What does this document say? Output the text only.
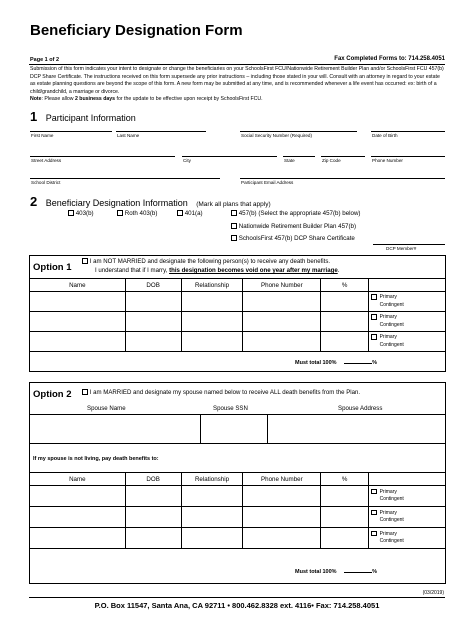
Beneficiary Designation Form
Page 1 of 2	Fax Completed Forms to: 714.258.4051
Submission of this form indicates your intent to designate or change the beneficiaries on your SchoolsFirst FCU/Nationwide Retirement Builder Plan and/or SchoolsFirst FCU 457(b) DCP Share Certificate. The instructions received on this form supersede any prior instructions – including those stated in your will. Consult with an attorney in regard to your estate as estate planning questions are beyond the scope of this form. A new form may be submitted at any time, and is recommended whenever a life event has occurred: ex: birth of a child/grandchild, a marriage or divorce.
Note: Please allow 2 business days for the update to be effective upon receipt by SchoolsFirst FCU.
1 Participant Information
First Name	Last Name	Social Security Number (Required)	Date of Birth
Street Address	City	State	Zip Code	Phone Number
School District	Participant Email Address
2 Beneficiary Designation Information (Mark all plans that apply)
403(b)	Roth 403(b)	401(a)	457(b) (Select the appropriate 457(b) below)
Nationwide Retirement Builder Plan 457(b)
SchoolsFirst 457(b) DCP Share Certificate
DCP Member#
Option 1
I am NOT MARRIED and designate the following person(s) to receive any death benefits.
I understand that if I marry, this designation becomes void one year after my marriage.
Name	DOB	Relationship	Phone Number	%	

					Primary
Contingent

					Primary
Contingent

					Primary
Contingent
Must total 100%	%
Option 2	I am MARRIED and designate my spouse named below to receive ALL death benefits from the Plan.
Spouse Name	Spouse SSN	Spouse Address
If my spouse is not living, pay death benefits to:
Name	DOB	Relationship	Phone Number	%	

					Primary
Contingent

					Primary
Contingent

					Primary
Contingent
Must total 100%	%
(03/2019)
P.O. Box 11547, Santa Ana, CA 92711 • 800.462.8328 ext. 4116• Fax: 714.258.4051
